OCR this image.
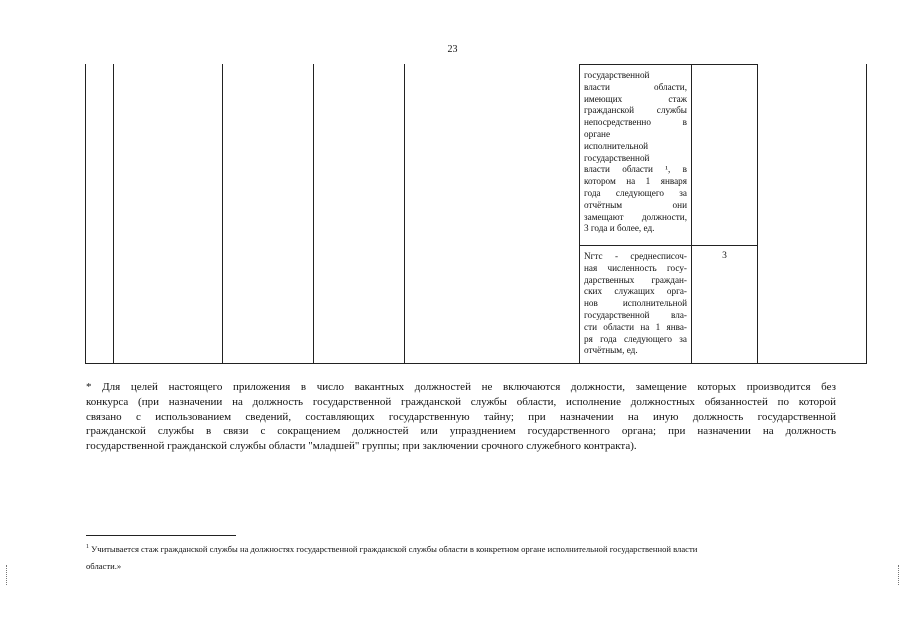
23
государственной
власти области,
имеющих стаж
гражданской службы
непосредственно в
органе
исполнительной
государственной
власти области ¹, в
котором на 1 января
года следующего за
отчётным они
замещают должности,
3 года и более, ед.
Nгтс - среднесписоч-
ная численность госу-
дарственных граждан-
ских служащих орга-
нов исполнительной
государственной вла-
сти области на 1 янва-
ря года следующего за
отчётным, ед.
3
* Для целей настоящего приложения в число вакантных должностей не включаются должности, замещение которых производится без
конкурса (при назначении на должность государственной гражданской службы области, исполнение должностных обязанностей по которой
связано с использованием сведений, составляющих государственную тайну; при назначении на иную должность государственной
гражданской службы в связи с сокращением должностей или упразднением государственного органа; при назначении на должность
государственной гражданской службы области "младшей" группы; при заключении срочного служебного контракта).
$^1$ Учитывается стаж гражданской службы на должностях государственной гражданской службы области в конкретном органе исполнительной государственной власти
области.»
